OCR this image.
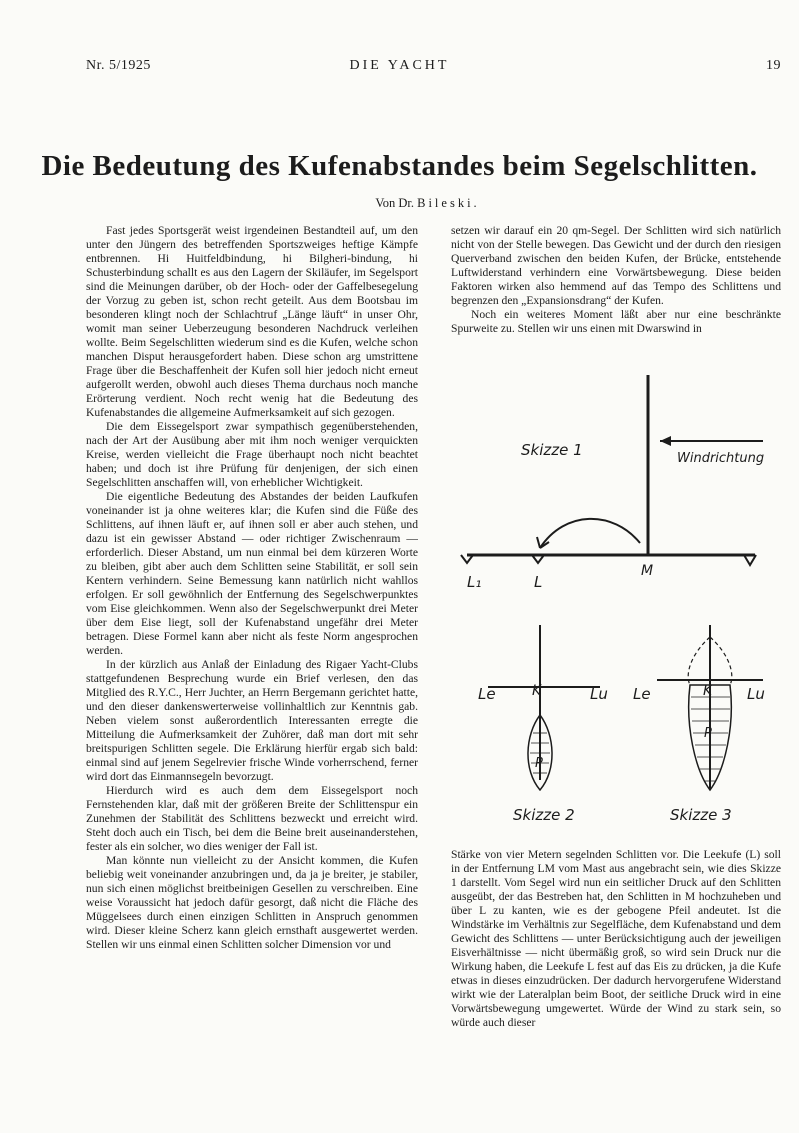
Nr. 5/1925	DIE YACHT	19
Die Bedeutung des Kufenabstandes beim Segelschlitten.
Von Dr. Bileski.

Fast jedes Sportsgerät weist irgendeinen Bestandteil auf, um den unter den Jüngern des betreffenden Sportszweiges heftige Kämpfe entbrennen. Hi Huitfeldbindung, hi Bilgheri-bindung, hi Schusterbindung schallt es aus den Lagern der Skiläufer, im Segelsport sind die Meinungen darüber, ob der Hoch- oder der Gaffelbesegelung der Vorzug zu geben ist, schon recht geteilt. Aus dem Bootsbau im besonderen klingt noch der Schlachtruf „Länge läuft“ in unser Ohr, womit man seiner Ueberzeugung besonderen Nachdruck verleihen wollte. Beim Segelschlitten wiederum sind es die Kufen, welche schon manchen Disput herausgefordert haben. Diese schon arg umstrittene Frage über die Beschaffenheit der Kufen soll hier jedoch nicht erneut aufgerollt werden, obwohl auch dieses Thema durchaus noch manche Erörterung verdient. Noch recht wenig hat die Bedeutung des Kufenabstandes die allgemeine Aufmerksamkeit auf sich gezogen.

Die dem Eissegelsport zwar sympathisch gegenüberstehenden, nach der Art der Ausübung aber mit ihm noch weniger verquickten Kreise, werden vielleicht die Frage überhaupt noch nicht beachtet haben; und doch ist ihre Prüfung für denjenigen, der sich einen Segelschlitten anschaffen will, von erheblicher Wichtigkeit.

Die eigentliche Bedeutung des Abstandes der beiden Laufkufen voneinander ist ja ohne weiteres klar; die Kufen sind die Füße des Schlittens, auf ihnen läuft er, auf ihnen soll er aber auch stehen, und dazu ist ein gewisser Abstand — oder richtiger Zwischenraum — erforderlich. Dieser Abstand, um nun einmal bei dem kürzeren Worte zu bleiben, gibt aber auch dem Schlitten seine Stabilität, er soll sein Kentern verhindern. Seine Bemessung kann natürlich nicht wahllos erfolgen. Er soll gewöhnlich der Entfernung des Segelschwerpunktes vom Eise gleichkommen. Wenn also der Segelschwerpunkt drei Meter über dem Eise liegt, soll der Kufenabstand ungefähr drei Meter betragen. Diese Formel kann aber nicht als feste Norm angesprochen werden.

In der kürzlich aus Anlaß der Einladung des Rigaer Yacht-Clubs stattgefundenen Besprechung wurde ein Brief verlesen, den das Mitglied des R.Y.C., Herr Juchter, an Herrn Bergemann gerichtet hatte, und den dieser dankenswerterweise vollinhaltlich zur Kenntnis gab. Neben vielem sonst außerordentlich Interessanten erregte die Mitteilung die Aufmerksamkeit der Zuhörer, daß man dort mit sehr breitspurigen Schlitten segele. Die Erklärung hierfür ergab sich bald: einmal sind auf jenem Segelrevier frische Winde vorherrschend, ferner wird dort das Einmannsegeln bevorzugt.

Hierdurch wird es auch dem dem Eissegelsport noch Fernstehenden klar, daß mit der größeren Breite der Schlittenspur ein Zunehmen der Stabilität des Schlittens bezweckt und erreicht wird. Steht doch auch ein Tisch, bei dem die Beine breit auseinanderstehen, fester als ein solcher, wo dies weniger der Fall ist.

Man könnte nun vielleicht zu der Ansicht kommen, die Kufen beliebig weit voneinander anzubringen und, da ja je breiter, je stabiler, nun sich einen möglichst breitbeinigen Gesellen zu verschreiben. Eine weise Voraussicht hat jedoch dafür gesorgt, daß nicht die Fläche des Müggelsees durch einen einzigen Schlitten in Anspruch genommen wird. Dieser kleine Scherz kann gleich ernsthaft ausgewertet werden. Stellen wir uns einmal einen Schlitten solcher Dimension vor und

setzen wir darauf ein 20 qm-Segel. Der Schlitten wird sich natürlich nicht von der Stelle bewegen. Das Gewicht und der durch den riesigen Querverband zwischen den beiden Kufen, der Brücke, entstehende Luftwiderstand verhindern eine Vorwärtsbewegung. Diese beiden Faktoren wirken also hemmend auf das Tempo des Schlittens und begrenzen den „Expansionsdrang“ der Kufen.

Noch ein weiteres Moment läßt aber nur eine beschränkte Spurweite zu. Stellen wir uns einen mit Dwarswind in

Skizze 1	Windrichtung
L₁	L
M
Le	K	Lu
P
Skizze 2
Le	K Lu
P
Skizze 3

Stärke von vier Metern segelnden Schlitten vor. Die Leekufe (L) soll in der Entfernung LM vom Mast aus angebracht sein, wie dies Skizze 1 darstellt. Vom Segel wird nun ein seitlicher Druck auf den Schlitten ausgeübt, der das Bestreben hat, den Schlitten in M hochzuheben und über L zu kanten, wie es der gebogene Pfeil andeutet. Ist die Windstärke im Verhältnis zur Segelfläche, dem Kufenabstand und dem Gewicht des Schlittens — unter Berücksichtigung auch der jeweiligen Eisverhältnisse — nicht übermäßig groß, so wird sein Druck nur die Wirkung haben, die Leekufe L fest auf das Eis zu drücken, ja die Kufe etwas in dieses einzudrücken. Der dadurch hervorgerufene Widerstand wirkt wie der Lateralplan beim Boot, der seitliche Druck wird in eine Vorwärtsbewegung umgewertet. Würde der Wind zu stark sein, so würde auch dieser
